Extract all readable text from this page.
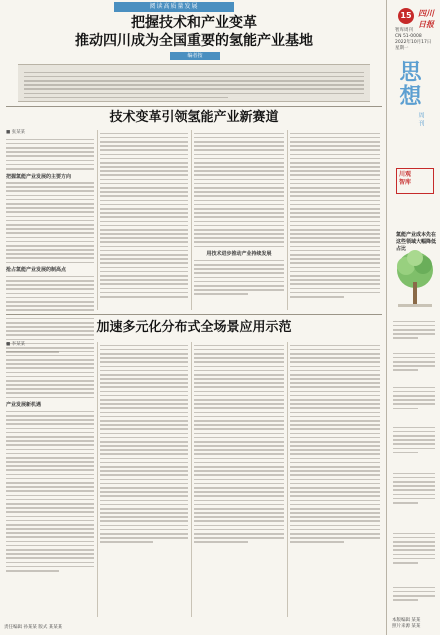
阅读高质量发展
把握技术和产业变革
推动四川成为全国重要的氢能产业基地
编者按
技术变革引领氢能产业新赛道
■ 张某某
把握氢能产业发展的主要方向
抢占氢能产业发展的制高点
用技术进步推动产业持续发展
加速多元化分布式全场景应用示范
■ 李某某
产业发展新机遇
15 四川日报
智库周刊
CN 51-0008
2022年10月17日
星期一
思想
周刊
川观
智库
氢能产业成本先在这些领域大幅降低占比
本版编辑 某某
照片来源 某某
责任编辑 孙某某 版式 某某某
